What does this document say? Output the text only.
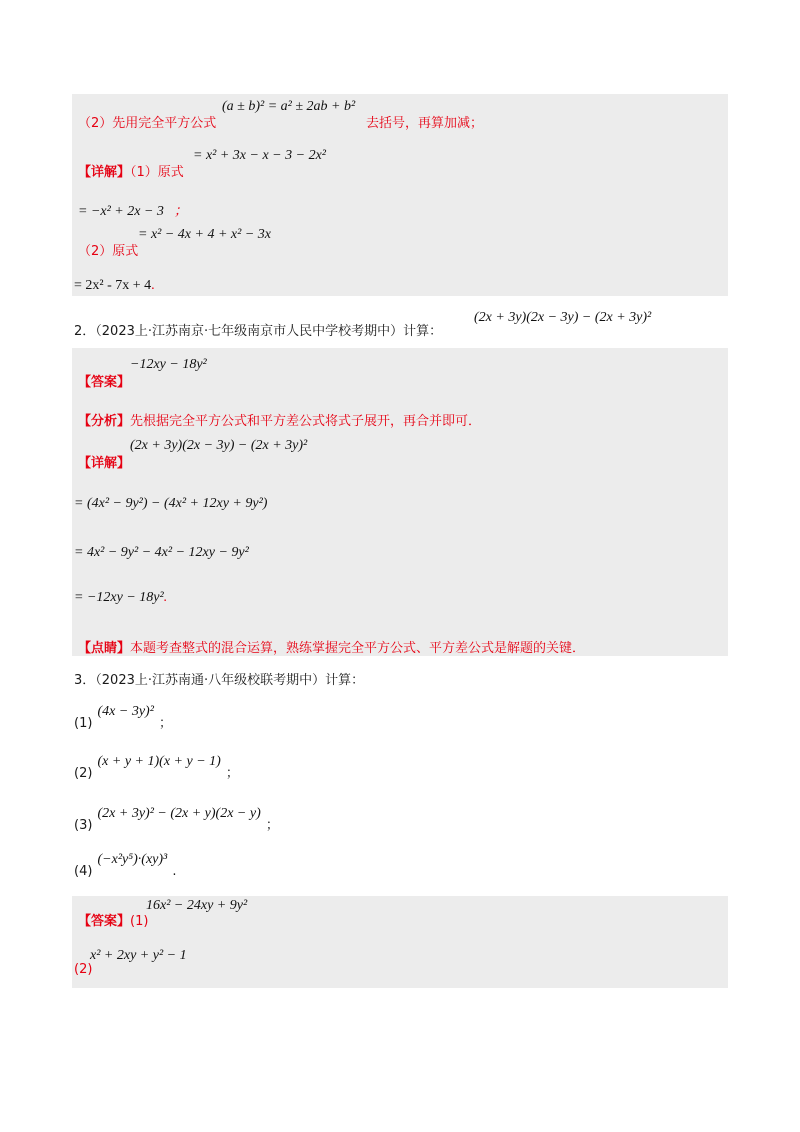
（2）先用完全平方公式
(a ± b)² = a² ± 2ab + b²
去括号，再算加减；
【详解】（1）原式
= x² + 3x − x − 3 − 2x²
= −x² + 2x − 3 ；
（2）原式
= x² − 4x + 4 + x² − 3x
= 2x² - 7x + 4.
2．（2023上·江苏南京·七年级南京市人民中学校考期中）计算：
(2x + 3y)(2x − 3y) − (2x + 3y)²
【答案】
−12xy − 18y²
【分析】先根据完全平方公式和平方差公式将式子展开，再合并即可．
【详解】
(2x + 3y)(2x − 3y) − (2x + 3y)²
= (4x² − 9y²) − (4x² + 12xy + 9y²)
= 4x² − 9y² − 4x² − 12xy − 9y²
= −12xy − 18y².
【点睛】本题考查整式的混合运算，熟练掌握完全平方公式、平方差公式是解题的关键．
3．（2023上·江苏南通·八年级校联考期中）计算：
$_{(1)}$ (4x − 3y)² $_;$
$_{(2)}$ (x + y + 1)(x + y − 1) $_;$
$_{(3)}$ (2x + 3y)² − (2x + y)(2x − y) $_;$
$_{(4)}$ (−x²y⁵)·(xy)³ $_.$
【答案】(1)
16x² − 24xy + 9y²
(2)
x² + 2xy + y² − 1
